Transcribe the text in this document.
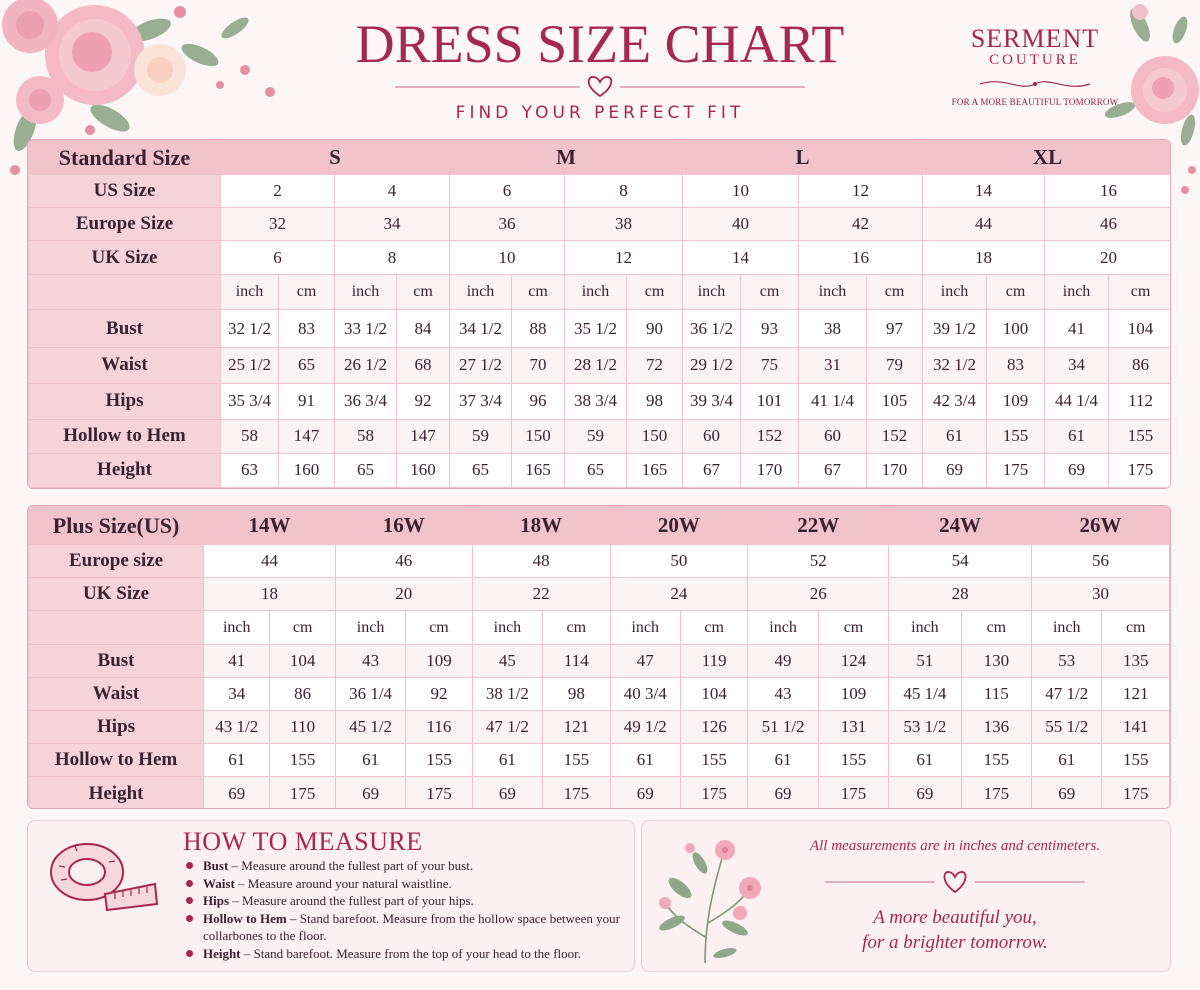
DRESS SIZE CHART
FIND YOUR PERFECT FIT
SERMENT
COUTURE
FOR A MORE BEAUTIFUL TOMORROW
Standard Size	S				M				L				XL			
US Size	2		4		6		8		10		12		14		16	
Europe Size	32		34		36		38		40		42		44		46	
UK Size	6		8		10		12		14		16		18		20	
	inch	cm	inch	cm	inch	cm	inch	cm	inch	cm	inch	cm	inch	cm	inch	cm
Bust	32 1/2	83	33 1/2	84	34 1/2	88	35 1/2	90	36 1/2	93	38	97	39 1/2	100	41	104
Waist	25 1/2	65	26 1/2	68	27 1/2	70	28 1/2	72	29 1/2	75	31	79	32 1/2	83	34	86
Hips	35 3/4	91	36 3/4	92	37 3/4	96	38 3/4	98	39 3/4	101	41 1/4	105	42 3/4	109	44 1/4	112
Hollow to Hem	58	147	58	147	59	150	59	150	60	152	60	152	61	155	61	155
Height	63	160	65	160	65	165	65	165	67	170	67	170	69	175	69	175
Plus Size(US)	14W		16W		18W		20W		22W		24W		26W	
Europe size	44		46		48		50		52		54		56	
UK Size	18		20		22		24		26		28		30	
	inch	cm	inch	cm	inch	cm	inch	cm	inch	cm	inch	cm	inch	cm
Bust	41	104	43	109	45	114	47	119	49	124	51	130	53	135
Waist	34	86	36 1/4	92	38 1/2	98	40 3/4	104	43	109	45 1/4	115	47 1/2	121
Hips	43 1/2	110	45 1/2	116	47 1/2	121	49 1/2	126	51 1/2	131	53 1/2	136	55 1/2	141
Hollow to Hem	61	155	61	155	61	155	61	155	61	155	61	155	61	155
Height	69	175	69	175	69	175	69	175	69	175	69	175	69	175
HOW TO MEASURE
Bust – Measure around the fullest part of your bust.
Waist – Measure around your natural waistline.
Hips – Measure around the fullest part of your hips.
Hollow to Hem – Stand barefoot. Measure from the hollow space between your collarbones to the floor.
Height – Stand barefoot. Measure from the top of your head to the floor.
All measurements are in inches and centimeters.
A more beautiful you,
for a brighter tomorrow.
